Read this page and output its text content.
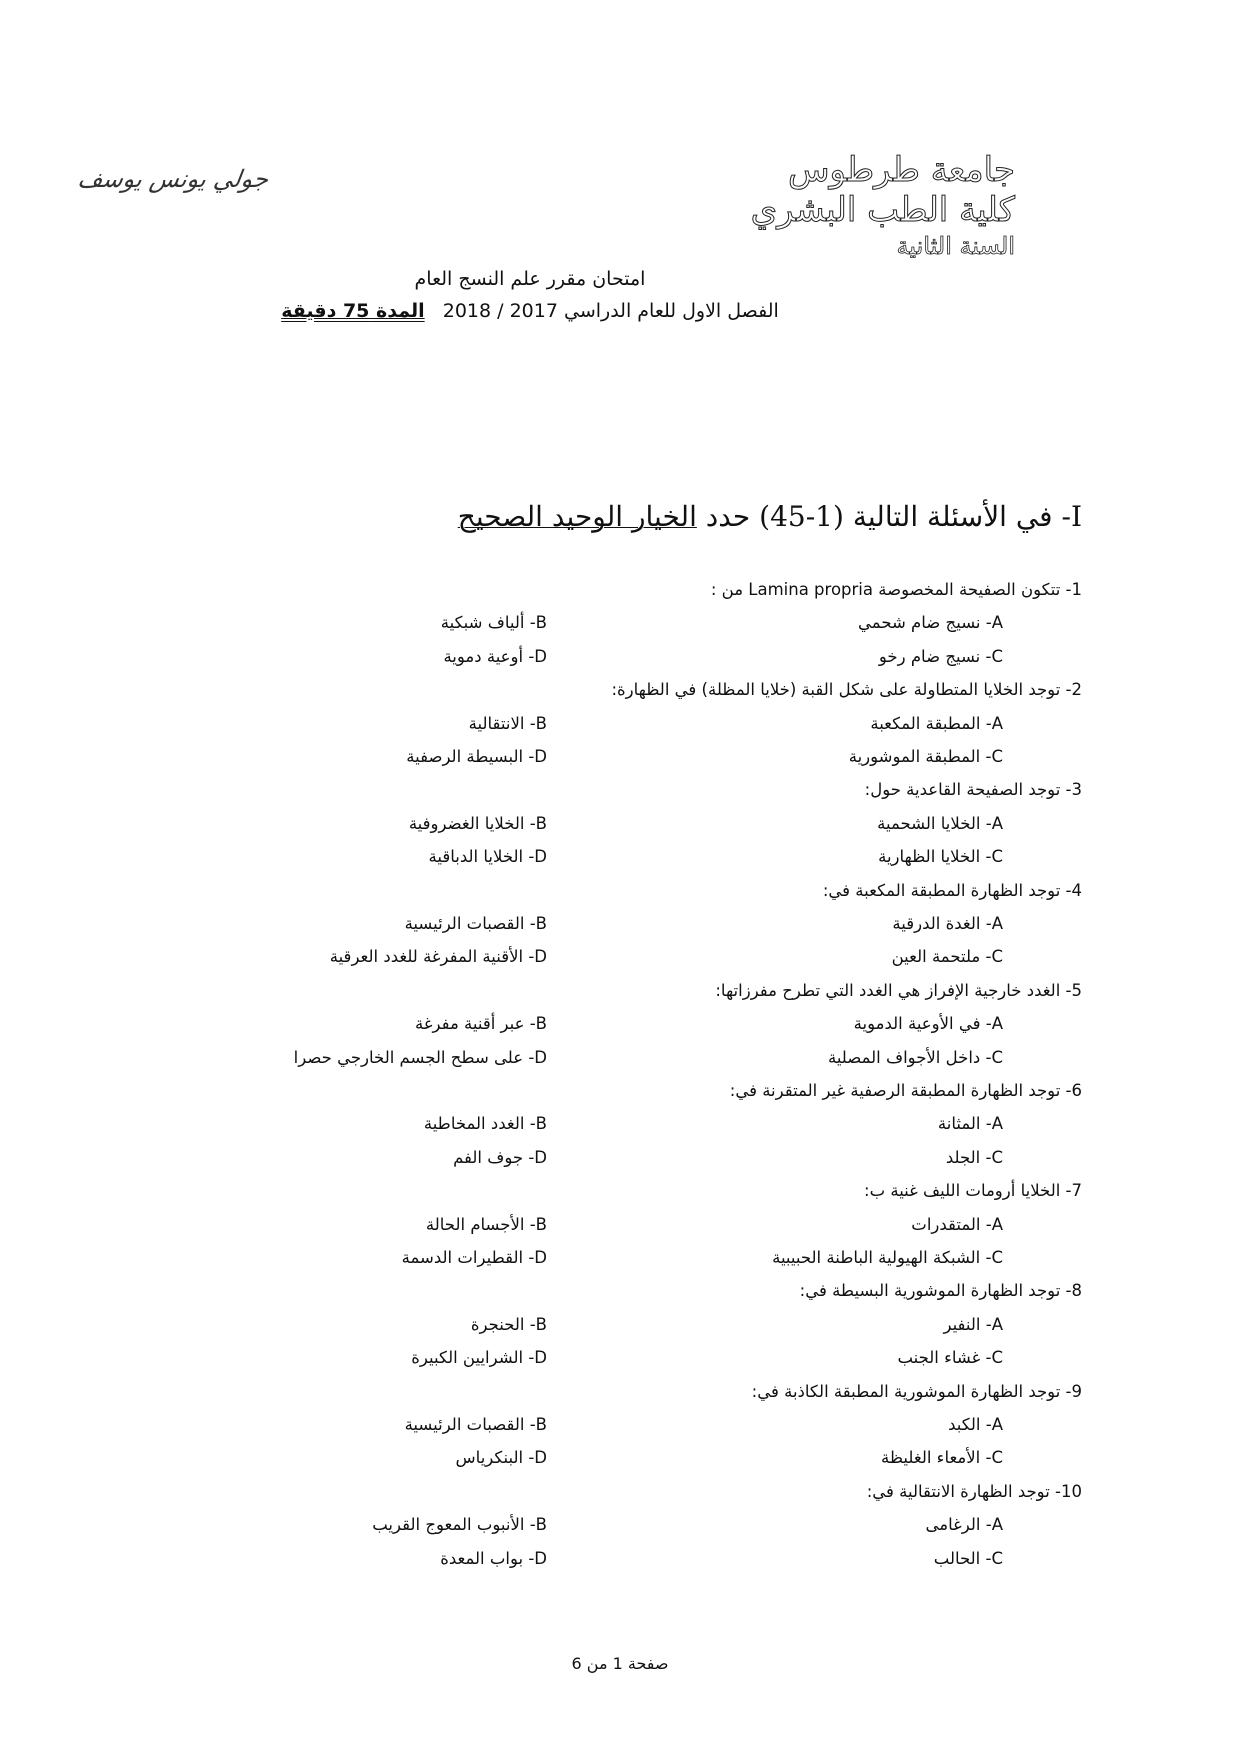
جولي يونس يوسف	جامعة طرطوس
كلية الطب البشري
السنة الثانية
امتحان مقرر علم النسج العام
الفصل الاول للعام الدراسي 2017 / 2018   المدة 75 دقيقة
I- في الأسئلة التالية (1-45) حدد الخيار الوحيد الصحيح
1- تتكون الصفيحة المخصوصة Lamina propria من :
A- نسيج ضام شحمي
B- ألياف شبكية
C- نسيج ضام رخو
D- أوعية دموية
2- توجد الخلايا المتطاولة على شكل القبة (خلايا المظلة) في الظهارة:
A- المطبقة المكعبة
B- الانتقالية
C- المطبقة الموشورية
D- البسيطة الرصفية
3- توجد الصفيحة القاعدية حول:
A- الخلايا الشحمية
B- الخلايا الغضروفية
C- الخلايا الظهارية
D- الخلايا الدباقية
4- توجد الظهارة المطبقة المكعبة في:
A- الغدة الدرقية
B- القصبات الرئيسية
C- ملتحمة العين
D- الأقنية المفرغة للغدد العرقية
5- الغدد خارجية الإفراز هي الغدد التي تطرح مفرزاتها:
A- في الأوعية الدموية
B- عبر أقنية مفرغة
C- داخل الأجواف المصلية
D- على سطح الجسم الخارجي حصرا
6- توجد الظهارة المطبقة الرصفية غير المتقرنة في:
A- المثانة
B- الغدد المخاطية
C- الجلد
D- جوف الفم
7- الخلايا أرومات الليف غنية ب:
A- المتقدرات
B- الأجسام الحالة
C- الشبكة الهيولية الباطنة الحبيبية
D- القطيرات الدسمة
8- توجد الظهارة الموشورية البسيطة في:
A- النفير
B- الحنجرة
C- غشاء الجنب
D- الشرايين الكبيرة
9- توجد الظهارة الموشورية المطبقة الكاذبة في:
A- الكبد
B- القصبات الرئيسية
C- الأمعاء الغليظة
D- البنكرياس
10- توجد الظهارة الانتقالية في:
A- الرغامى
B- الأنبوب المعوج القريب
C- الحالب
D- بواب المعدة
صفحة 1 من 6
